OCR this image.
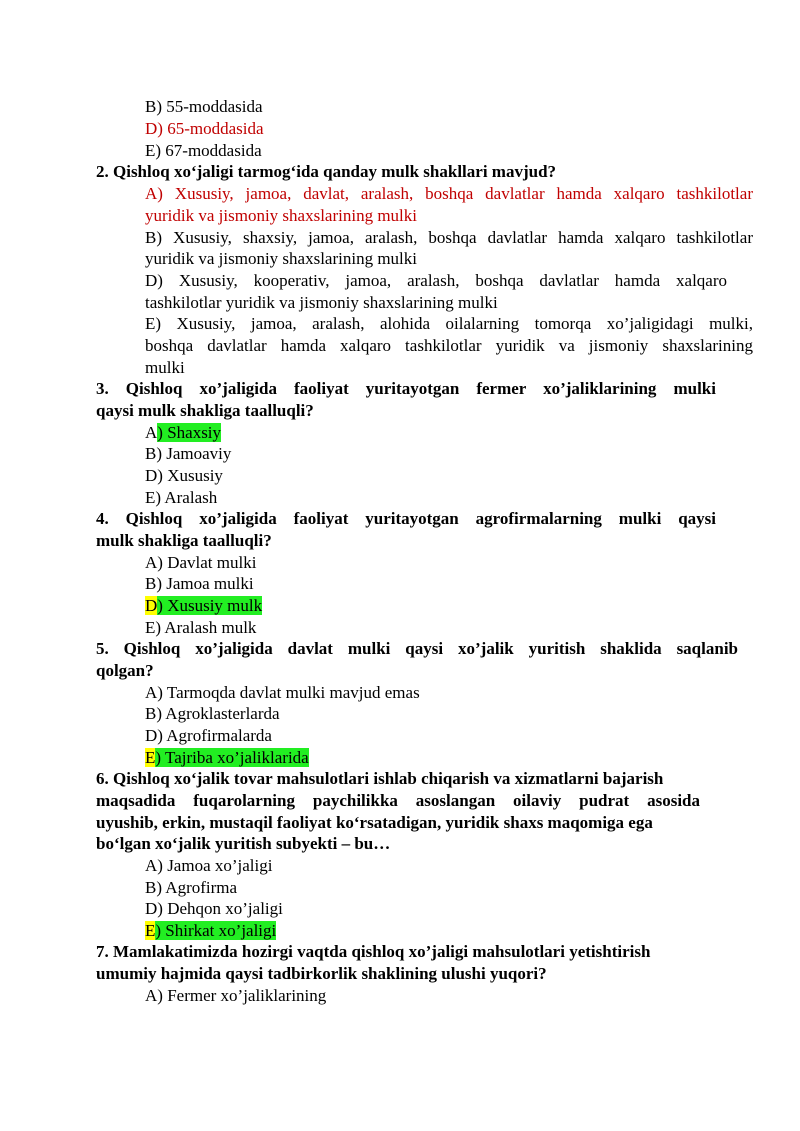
B) 55-moddasida
D) 65-moddasida
E) 67-moddasida
2. Qishloq xo‘jaligi tarmog‘ida qanday mulk shakllari mavjud?
A) Xususiy, jamoa, davlat, aralash, boshqa davlatlar hamda xalqaro tashkilotlar
yuridik va jismoniy shaxslarining mulki
B) Xususiy, shaxsiy, jamoa, aralash, boshqa davlatlar hamda xalqaro tashkilotlar
yuridik va jismoniy shaxslarining mulki
D) Xususiy, kooperativ, jamoa, aralash, boshqa davlatlar hamda xalqaro
tashkilotlar yuridik va jismoniy shaxslarining mulki
E) Xususiy, jamoa, aralash, alohida oilalarning tomorqa xo’jaligidagi mulki,
boshqa davlatlar hamda xalqaro tashkilotlar yuridik va jismoniy shaxslarining
mulki
3. Qishloq xo’jaligida faoliyat yuritayotgan fermer xo’jaliklarining mulki
qaysi mulk shakliga taalluqli?
A) Shaxsiy
B) Jamoaviy
D) Xususiy
E) Aralash
4. Qishloq xo’jaligida faoliyat yuritayotgan agrofirmalarning mulki qaysi
mulk shakliga taalluqli?
A) Davlat mulki
B) Jamoa mulki
D) Xususiy mulk
E) Aralash mulk
5. Qishloq xo’jaligida davlat mulki qaysi xo’jalik yuritish shaklida saqlanib
qolgan?
A) Tarmoqda davlat mulki mavjud emas
B) Agroklasterlarda
D) Agrofirmalarda
E) Tajriba xo’jaliklarida
6. Qishloq xo‘jalik tovar mahsulotlari ishlab chiqarish va xizmatlarni bajarish
maqsadida fuqarolarning paychilikka asoslangan oilaviy pudrat asosida
uyushib, erkin, mustaqil faoliyat ko‘rsatadigan, yuridik shaxs maqomiga ega
bo‘lgan xo‘jalik yuritish subyekti – bu…
A) Jamoa xo’jaligi
B) Agrofirma
D) Dehqon xo’jaligi
E) Shirkat xo’jaligi
7. Mamlakatimizda hozirgi vaqtda qishloq xo’jaligi mahsulotlari yetishtirish
umumiy hajmida qaysi tadbirkorlik shaklining ulushi yuqori?
A) Fermer xo’jaliklarining
